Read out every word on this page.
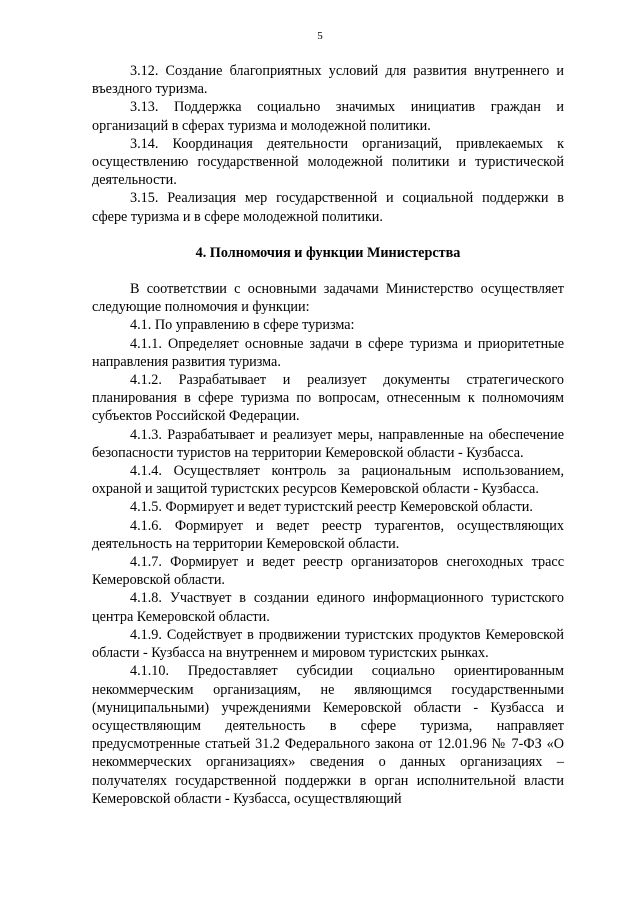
5

3.12. Создание благоприятных условий для развития внутреннего и въездного туризма.

3.13. Поддержка социально значимых инициатив граждан и организаций в сферах туризма и молодежной политики.

3.14. Координация деятельности организаций, привлекаемых к осуществлению государственной молодежной политики и туристической деятельности.

3.15. Реализация мер государственной и социальной поддержки в сфере туризма и в сфере молодежной политики.

4. Полномочия и функции Министерства

В соответствии с основными задачами Министерство осуществляет следующие полномочия и функции:

4.1. По управлению в сфере туризма:

4.1.1. Определяет основные задачи в сфере туризма и приоритетные направления развития туризма.

4.1.2. Разрабатывает и реализует документы стратегического планирования в сфере туризма по вопросам, отнесенным к полномочиям субъектов Российской Федерации.

4.1.3. Разрабатывает и реализует меры, направленные на обеспечение безопасности туристов на территории Кемеровской области - Кузбасса.

4.1.4. Осуществляет контроль за рациональным использованием, охраной и защитой туристских ресурсов Кемеровской области - Кузбасса.

4.1.5. Формирует и ведет туристский реестр Кемеровской области.

4.1.6. Формирует и ведет реестр турагентов, осуществляющих деятельность на территории Кемеровской области.

4.1.7. Формирует и ведет реестр организаторов снегоходных трасс Кемеровской области.

4.1.8. Участвует в создании единого информационного туристского центра Кемеровской области.

4.1.9. Содействует в продвижении туристских продуктов Кемеровской области - Кузбасса на внутреннем и мировом туристских рынках.

4.1.10. Предоставляет субсидии социально ориентированным некоммерческим организациям, не являющимся государственными (муниципальными) учреждениями Кемеровской области - Кузбасса и осуществляющим деятельность в сфере туризма, направляет предусмотренные статьей 31.2 Федерального закона от 12.01.96 № 7-ФЗ «О некоммерческих организациях» сведения о данных организациях – получателях государственной поддержки в орган исполнительной власти Кемеровской области - Кузбасса, осуществляющий
